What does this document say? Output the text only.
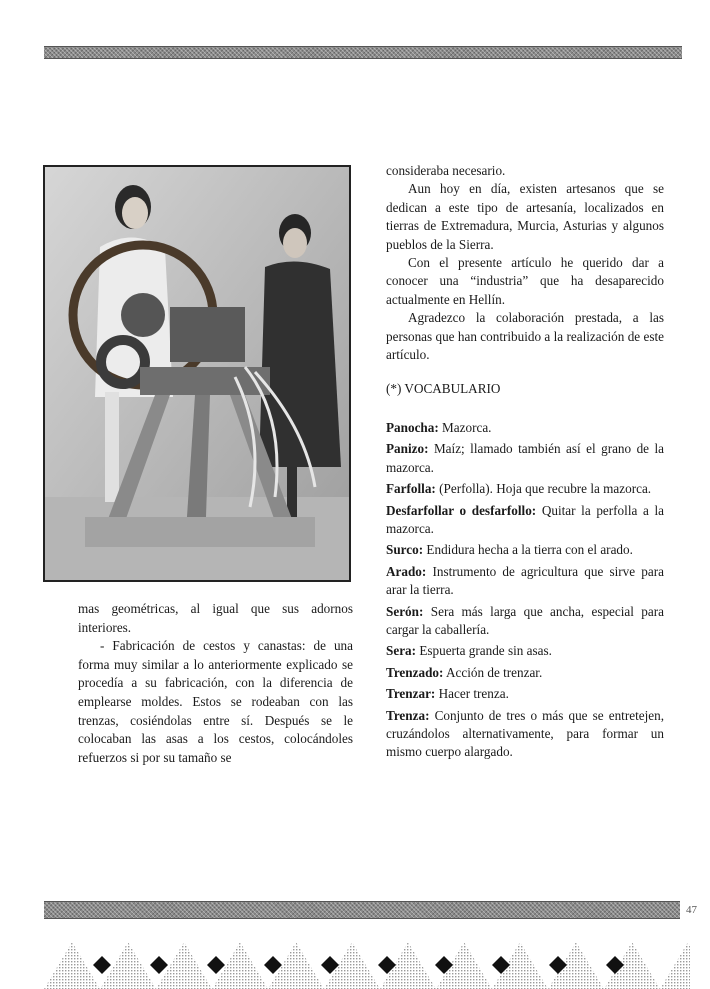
mas geométricas, al igual que sus adornos interiores.

- Fabricación de cestos y canastas: de una forma muy similar a lo anteriormente explicado se procedía a su fabricación, con la diferencia de emplearse moldes. Estos se rodeaban con las trenzas, cosiéndolas entre sí. Después se le colocaban las asas a los cestos, colocándoles refuerzos si por su tamaño se

consideraba necesario.

Aun hoy en día, existen artesanos que se dedican a este tipo de artesanía, localizados en tierras de Extremadura, Murcia, Asturias y algunos pueblos de la Sierra.

Con el presente artículo he querido dar a conocer una “industria” que ha desaparecido actualmente en Hellín.

Agradezco la colaboración prestada, a las personas que han contribuido a la realización de este artículo.

(*) VOCABULARIO

Panocha: Mazorca.

Panizo: Maíz; llamado también así el grano de la mazorca.

Farfolla: (Perfolla). Hoja que recubre la mazorca.

Desfarfollar o desfarfollo: Quitar la perfolla a la mazorca.

Surco: Endidura hecha a la tierra con el arado.

Arado: Instrumento de agricultura que sirve para arar la tierra.

Serón: Sera más larga que ancha, especial para cargar la caballería.

Sera: Espuerta grande sin asas.

Trenzado: Acción de trenzar.

Trenzar: Hacer trenza.

Trenza: Conjunto de tres o más que se entretejen, cruzándolos alternativamente, para formar un mismo cuerpo alargado.

47
